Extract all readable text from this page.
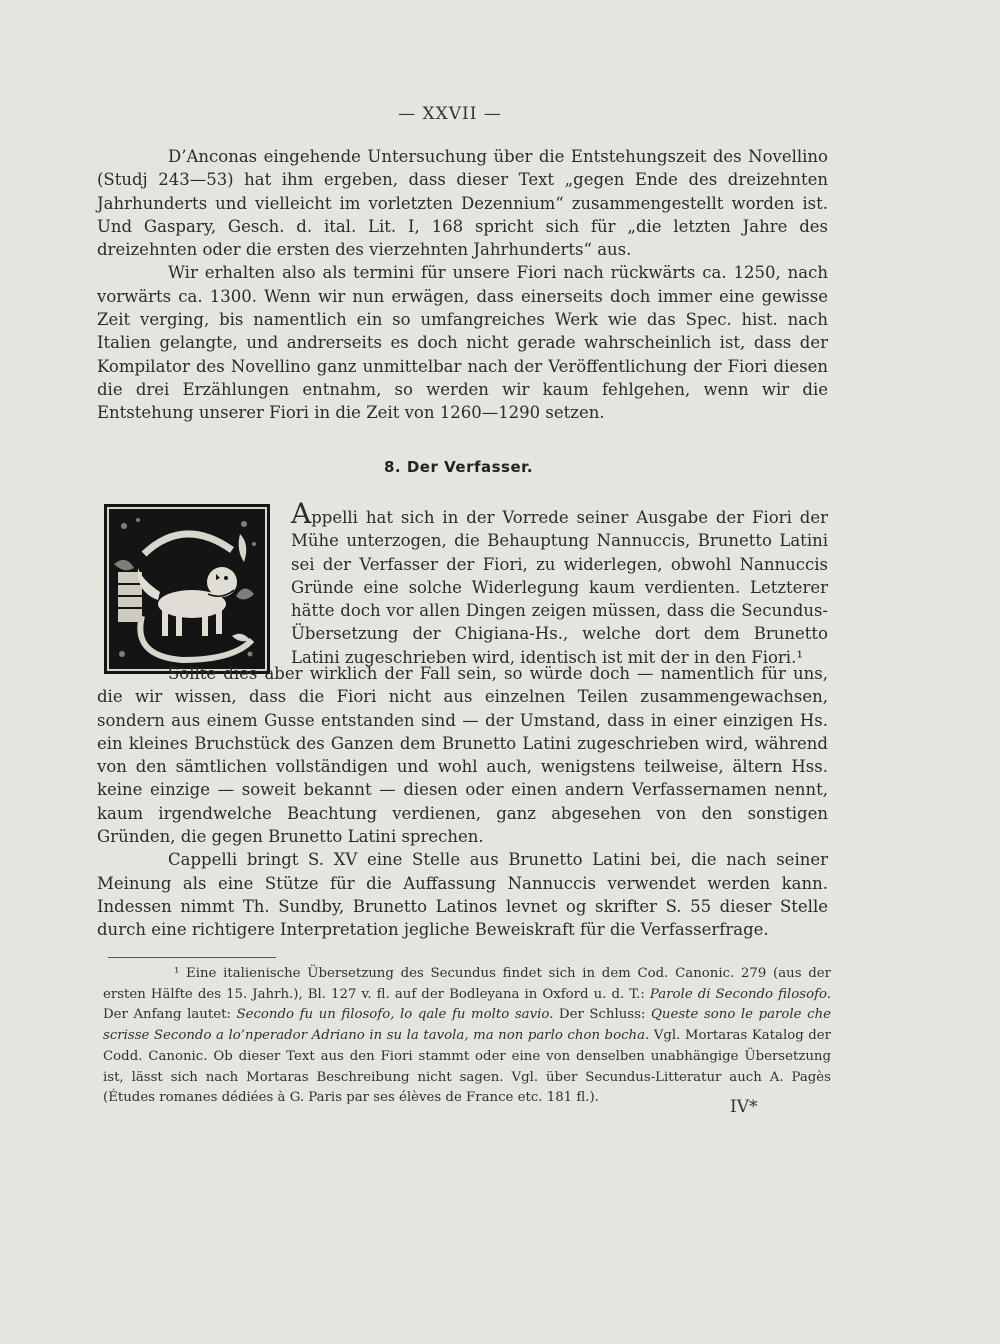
— XXVII —

D’Anconas eingehende Untersuchung über die Entstehungszeit des Novellino (Studj 243—53) hat ihm ergeben, dass dieser Text „gegen Ende des dreizehnten Jahrhunderts und vielleicht im vorletzten Dezennium“ zusammengestellt worden ist. Und Gaspary, Gesch. d. ital. Lit. I, 168 spricht sich für „die letzten Jahre des dreizehnten oder die ersten des vierzehnten Jahrhunderts“ aus.

Wir erhalten also als termini für unsere Fiori nach rückwärts ca. 1250, nach vorwärts ca. 1300. Wenn wir nun erwägen, dass einerseits doch immer eine gewisse Zeit verging, bis namentlich ein so umfangreiches Werk wie das Spec. hist. nach Italien gelangte, und andrerseits es doch nicht gerade wahrscheinlich ist, dass der Kompilator des Novellino ganz unmittelbar nach der Veröffentlichung der Fiori diesen die drei Erzählungen entnahm, so werden wir kaum fehlgehen, wenn wir die Entstehung unserer Fiori in die Zeit von 1260—1290 setzen.

8. Der Verfasser.

Appelli hat sich in der Vorrede seiner Ausgabe der Fiori der Mühe unterzogen, die Behauptung Nannuccis, Brunetto Latini sei der Verfasser der Fiori, zu widerlegen, obwohl Nannuccis Gründe eine solche Widerlegung kaum verdienten. Letzterer hätte doch vor allen Dingen zeigen müssen, dass die Secundus-Übersetzung der Chigiana-Hs., welche dort dem Brunetto Latini zugeschrieben wird, identisch ist mit der in den Fiori.¹

Sollte dies aber wirklich der Fall sein, so würde doch — namentlich für uns, die wir wissen, dass die Fiori nicht aus einzelnen Teilen zusammengewachsen, sondern aus einem Gusse entstanden sind — der Umstand, dass in einer einzigen Hs. ein kleines Bruchstück des Ganzen dem Brunetto Latini zugeschrieben wird, während von den sämtlichen vollständigen und wohl auch, wenigstens teilweise, ältern Hss. keine einzige — soweit bekannt — diesen oder einen andern Verfassernamen nennt, kaum irgendwelche Beachtung verdienen, ganz abgesehen von den sonstigen Gründen, die gegen Brunetto Latini sprechen.

Cappelli bringt S. XV eine Stelle aus Brunetto Latini bei, die nach seiner Meinung als eine Stütze für die Auffassung Nannuccis verwendet werden kann. Indessen nimmt Th. Sundby, Brunetto Latinos levnet og skrifter S. 55 dieser Stelle durch eine richtigere Interpretation jegliche Beweiskraft für die Verfasserfrage.

¹ Eine italienische Übersetzung des Secundus findet sich in dem Cod. Canonic. 279 (aus der ersten Hälfte des 15. Jahrh.), Bl. 127 v. fl. auf der Bodleyana in Oxford u. d. T.: Parole di Secondo filosofo. Der Anfang lautet: Secondo fu un filosofo, lo qale fu molto savio. Der Schluss: Queste sono le parole che scrisse Secondo a lo’nperador Adriano in su la tavola, ma non parlo chon bocha. Vgl. Mortaras Katalog der Codd. Canonic. Ob dieser Text aus den Fiori stammt oder eine von denselben unabhängige Übersetzung ist, lässt sich nach Mortaras Beschreibung nicht sagen. Vgl. über Secundus-Litteratur auch A. Pagès (Études romanes dédiées à G. Paris par ses élèves de France etc. 181 fl.).	IV*
